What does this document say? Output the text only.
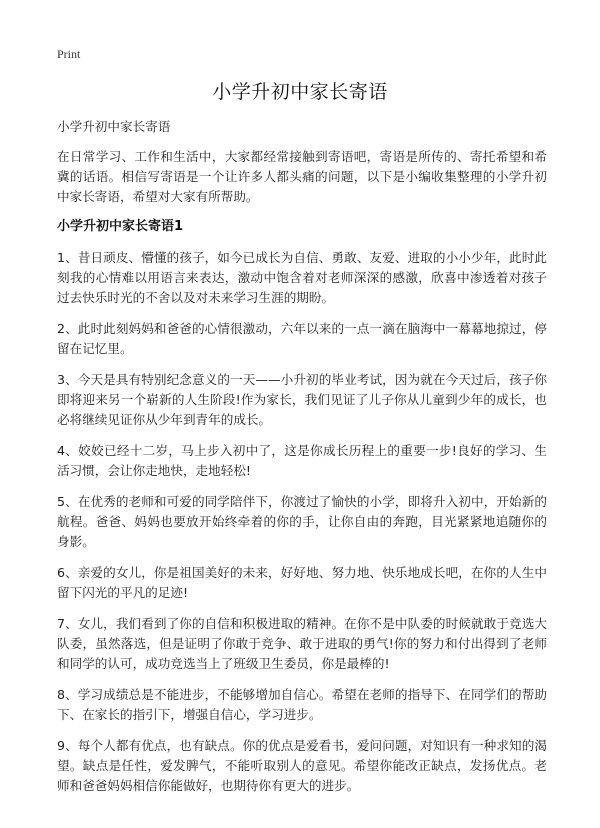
Print
小学升初中家长寄语

小学升初中家长寄语

在日常学习、工作和生活中，大家都经常接触到寄语吧，寄语是所传的、寄托希望和希冀的话语。相信写寄语是一个让许多人都头痛的问题，以下是小编收集整理的小学升初中家长寄语，希望对大家有所帮助。

小学升初中家长寄语1

1、昔日顽皮、懵懂的孩子，如今已成长为自信、勇敢、友爱、进取的小小少年，此时此刻我的心情难以用语言来表达，激动中饱含着对老师深深的感激，欣喜中渗透着对孩子过去快乐时光的不舍以及对未来学习生涯的期盼。

2、此时此刻妈妈和爸爸的心情很激动，六年以来的一点一滴在脑海中一幕幕地掠过，停留在记忆里。

3、今天是具有特别纪念意义的一天——小升初的毕业考试，因为就在今天过后，孩子你即将迎来另一个崭新的人生阶段!作为家长，我们见证了儿子你从儿童到少年的成长，也必将继续见证你从少年到青年的成长。

4、姣姣已经十二岁，马上步入初中了，这是你成长历程上的重要一步!良好的学习、生活习惯，会让你走地快，走地轻松!

5、在优秀的老师和可爱的同学陪伴下，你渡过了愉快的小学，即将升入初中，开始新的航程。爸爸、妈妈也要放开始终牵着的你的手，让你自由的奔跑，目光紧紧地追随你的身影。

6、亲爱的女儿，你是祖国美好的未来，好好地、努力地、快乐地成长吧，在你的人生中留下闪光的平凡的足迹!

7、女儿，我们看到了你的自信和积极进取的精神。在你不是中队委的时候就敢于竞选大队委，虽然落选，但是证明了你敢于竞争、敢于进取的勇气!你的努力和付出得到了老师和同学的认可，成功竞选当上了班级卫生委员，你是最棒的!

8、学习成绩总是不能进步，不能够增加自信心。希望在老师的指导下、在同学们的帮助下、在家长的指引下，增强自信心，学习进步。

9、每个人都有优点，也有缺点。你的优点是爱看书，爱问问题，对知识有一种求知的渴望。缺点是任性，爱发脾气，不能听取别人的意见。希望你能改正缺点，发扬优点。老师和爸爸妈妈相信你能做好，也期待你有更大的进步。
